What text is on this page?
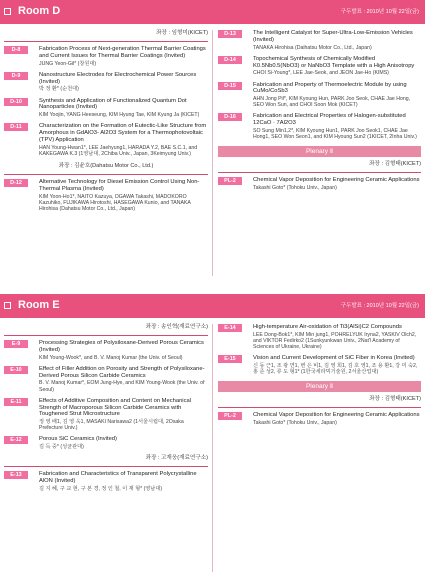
Room D	구두발표 : 2010년 10월 22일(금)
좌장 : 임형미(KICET)
D-8	Fabrication Process of Next-generation Thermal Barrier Coatings and Current Issues for Thermal Barrier Coatings (Invited)
JUNG Yeon-Gil* (창원대)
D-9	Nanostructure Electrodes for Electrochemical Power Sources (Invited)
박 정 환* (순천대)
D-10	Synthesis and Application of Functionalized Quantum Dot Nanoparticles (Invited)
KIM Yoojin, YANG Heeseung, KIM Hyung Tae, KIM Kyung Ja (KICET)
D-11	Characterization on the Formation of Eutectic-Like Structure from Amorphous in GdAlO3- Al2O3 System for a Thermophotovoltaic (TPV) Application
HAN Young-Hwan1*, LEE Jaehyung1, HARADA Y.2, BAE S.C.1, and KAKEGAWA K.3 (1영남대, 2Chiba Univ., Japan, 3Keimyung Univ.)
좌장 : 김윤호(Dahatsu Motor Co., Ltd.)
D-12	Alternative Technology for Diesel Emission Control Using Non-Thermal Plasma (Invited)
KIM Yoon-Ho1*, NAITO Kazuya, OGAWA Takashi, MADOKORO Kazuhiko, FUJIKAWA Hirotoshi, HASEGAWA Kunio, and TANAKA Hirohisa (Dahatsu Motor Co., Ltd., Japan)
D-13	The Intelligent Catalyst for Super-Ultra-Low-Emission Vehicles (Invited)
TANAKA Hirohisa (Daihatsu Motor Co., Ltd., Japan)
D-14	Topochemical Synthesis of Chemically Modified K0.5Nb0.5(NbO3) or NaNbO3 Template with a High Anisotropy
CHOI Si-Young*, LEE Jae-Seok, and JEON Jae-Ho (KIMS)
D-15	Fabrication and Property of Thermoelectric Module by using CuMo/CoSb3
AHN Jong Pil*, KIM Kyoung Hun, PARK Joo Seok, CHAE Jae Hong, SEO Won Sun, and CHOI Soon Mok (KICET)
D-16	Fabrication and Electrical Properties of Halogen-substituted 12CaO · 7Al2O3
SO Sung Min1,2*, KIM Kyoung Hun1, PARK Joo Seok1, CHAE Jae Hong1, SEO Won Seon1, and KIM Hyoung Sun2 (1KICET, 2Inha Univ.)
Plenary Ⅱ
좌장 : 김형태(KICET)
PL-2	Chemical Vapor Deposition for Engineering Ceramic Applications
Takashi Goto* (Tohoku Univ., Japan)
Room E	구두발표 : 2010년 10월 22일(금)
좌장 : 송인혁(재료연구소)
E-9	Processing Strategies of Polysiloxane-Derived Porous Ceramics (Invited)
KIM Young-Wook*, and B. V. Manoj Kumar (the Univ. of Seoul)
E-10	Effect of Filler Addition on Porosity and Strength of Polysiloxane-Derived Porous Silicon Carbide Ceramics
B. V. Manoj Kumar*, EOM Jung-Hye, and KIM Young-Wook (the Univ. of Seoul)
E-11	Effects of Additive Composition and Content on Mechanical Strength of Macroporous Silicon Carbide Ceramics with Toughened Strut Microstructure
정 영 배1, 김 영 욱1, MASAKI Narisawa2 (1서울시립대, 2Osaka Prefecture Univ.)
E-12	Porous SiC Ceramics (Invited)
김 득 중* (성균관대)
좌장 : 고재웅(재료연구소)
E-13	Fabrication and Characteristics of Transparent Polycrystalline AlON (Invited)
김 지 혜, 구 교 현, 구 본 경, 정 인 철, 이 재 형* (영남대)
E-14	High-temperature Air-oxidation of Ti3(AlSi)C2 Compounds
LEE Dong-Bok1*, KIM Min jung1, POHRELYUK Iryna2, YASKIV Olch2, and VIKTOR Fedirko2 (1Sunkyunkwan Univ., 2Nat'l Academy of Sciences of Ukraine, Ukraine)
E-15	Vision and Current Development of SiC Fiber in Korea (Invited)
신 동 근1, 조 광 연1, 변 은 비1, 김 영 희1, 김 호 영1, 조 용 환1, 강 미 숙2, 홍 준 성2, 류 도 형1* (1한국세라믹기술원, 2서울산업대)
Plenary Ⅱ
좌장 : 김형태(KICET)
PL-2	Chemical Vapor Deposition for Engineering Ceramic Applications
Takashi Goto* (Tohoku Univ., Japan)
